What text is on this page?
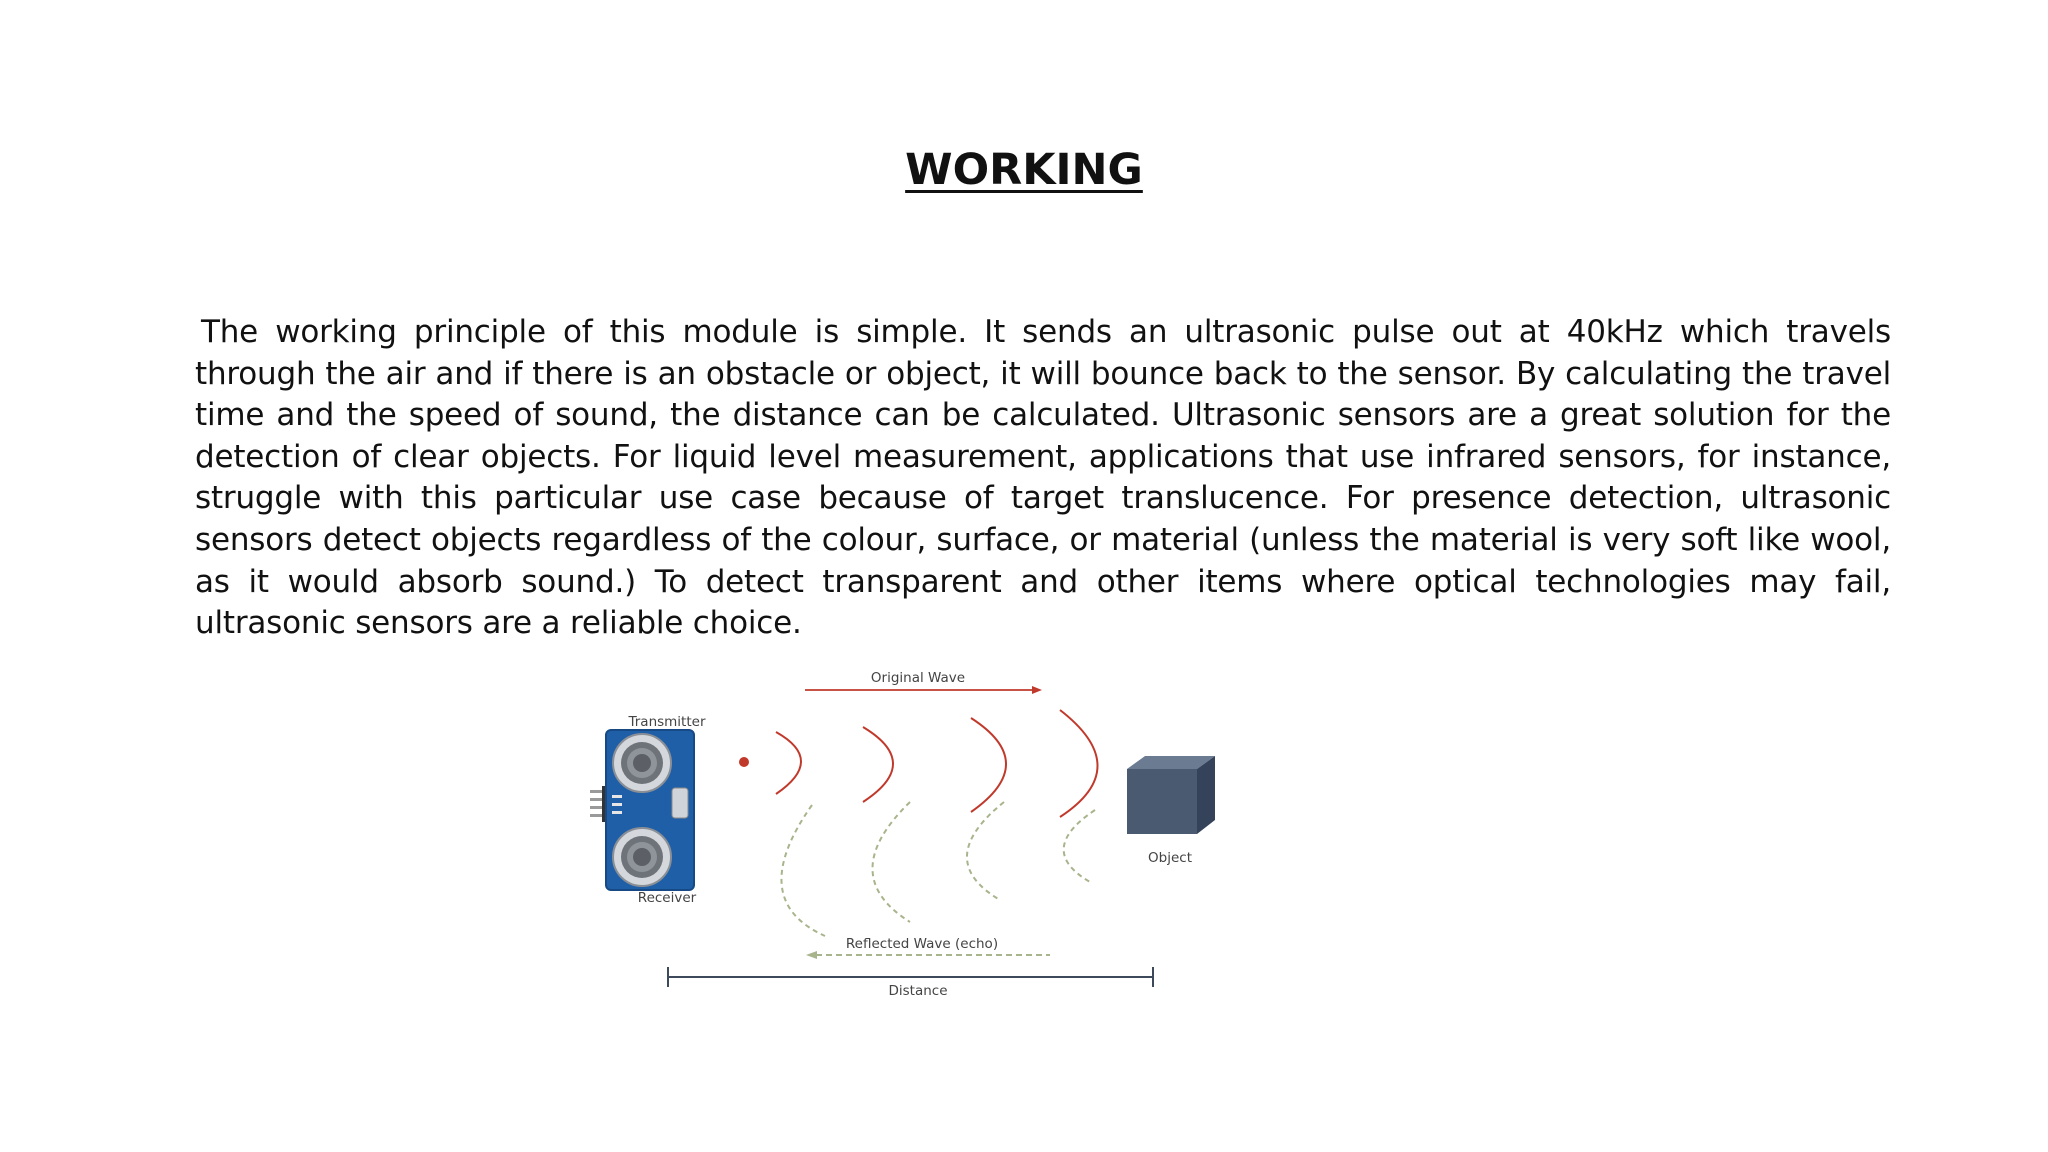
WORKING

The working principle of this module is simple. It sends an ultrasonic pulse out at 40kHz which travels through the air and if there is an obstacle or object, it will bounce back to the sensor. By calculating the travel time and the speed of sound, the distance can be calculated. Ultrasonic sensors are a great solution for the detection of clear objects. For liquid level measurement, applications that use infrared sensors, for instance, struggle with this particular use case because of target translucence. For presence detection, ultrasonic sensors detect objects regardless of the colour, surface, or material (unless the material is very soft like wool, as it would absorb sound.) To detect transparent and other items where optical technologies may fail, ultrasonic sensors are a reliable choice.

Original Wave
Transmitter
Receiver
Object
Reflected Wave (echo)
Distance
